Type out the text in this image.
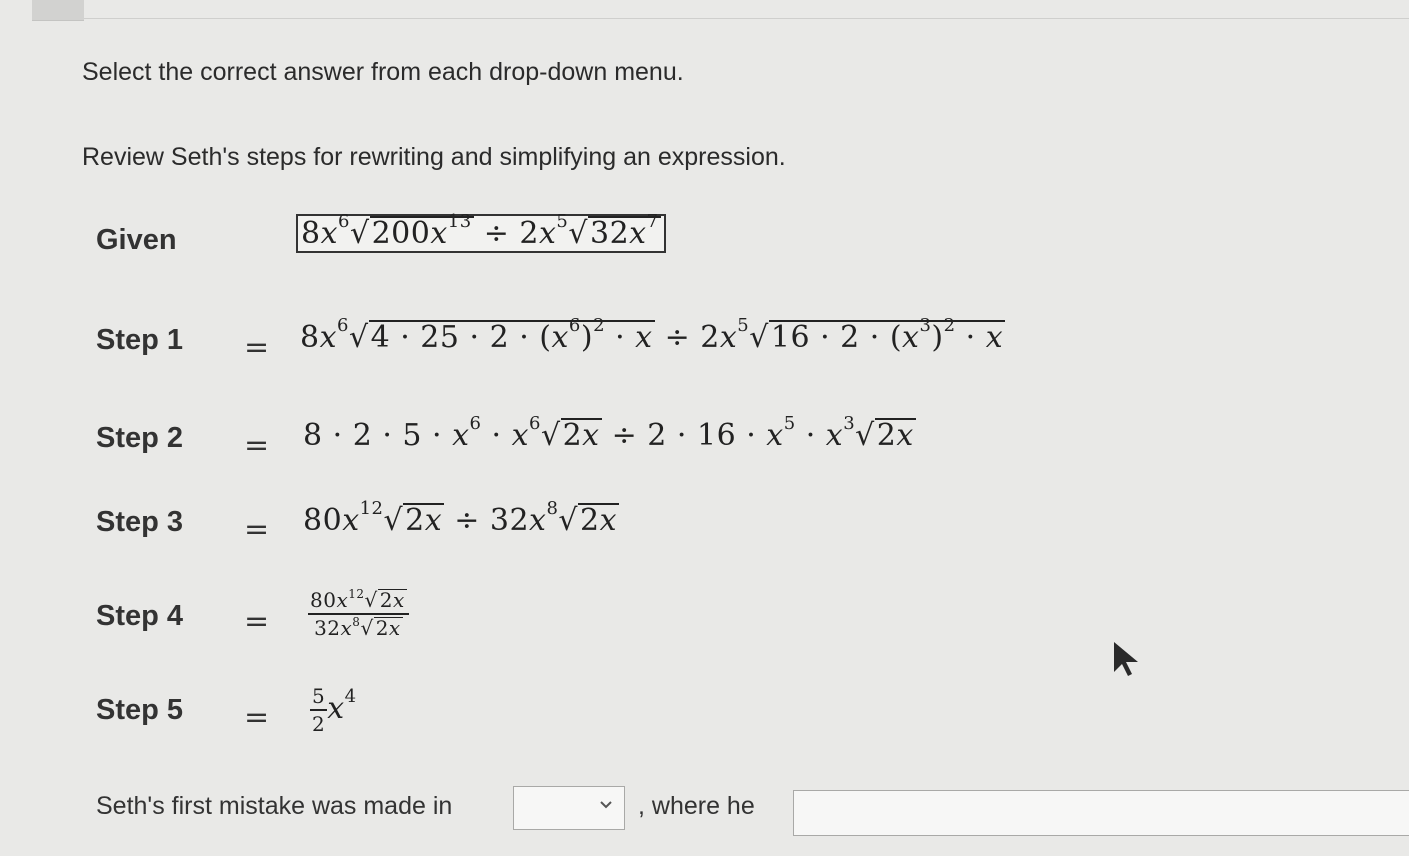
Select the correct answer from each drop-down menu.
Review Seth's steps for rewriting and simplifying an expression.
Given	$8x^6√200x^{13} \div 2x^5√32x^7$
Step $1 = 8x^6√4 \cdot 25 \cdot 2 \cdot (x^6)^2 \cdot x \div 2x^5√16 \cdot 2 \cdot (x^3)^2 \cdot x$
Step $2 = 8 \cdot 2 \cdot 5 \cdot x^6 \cdot x^6√2x \div 2 \cdot 16 \cdot x^5 \cdot x^3√2x$
Step $3 = 80x^{12}√2x \div 32x^8√2x$
Step $4 = \frac{80x^{12}√ 2x}{32x^8√ 2x}$
Step $5 = \frac{5}{2} x^4$
Seth's first mistake was made in	, where he
